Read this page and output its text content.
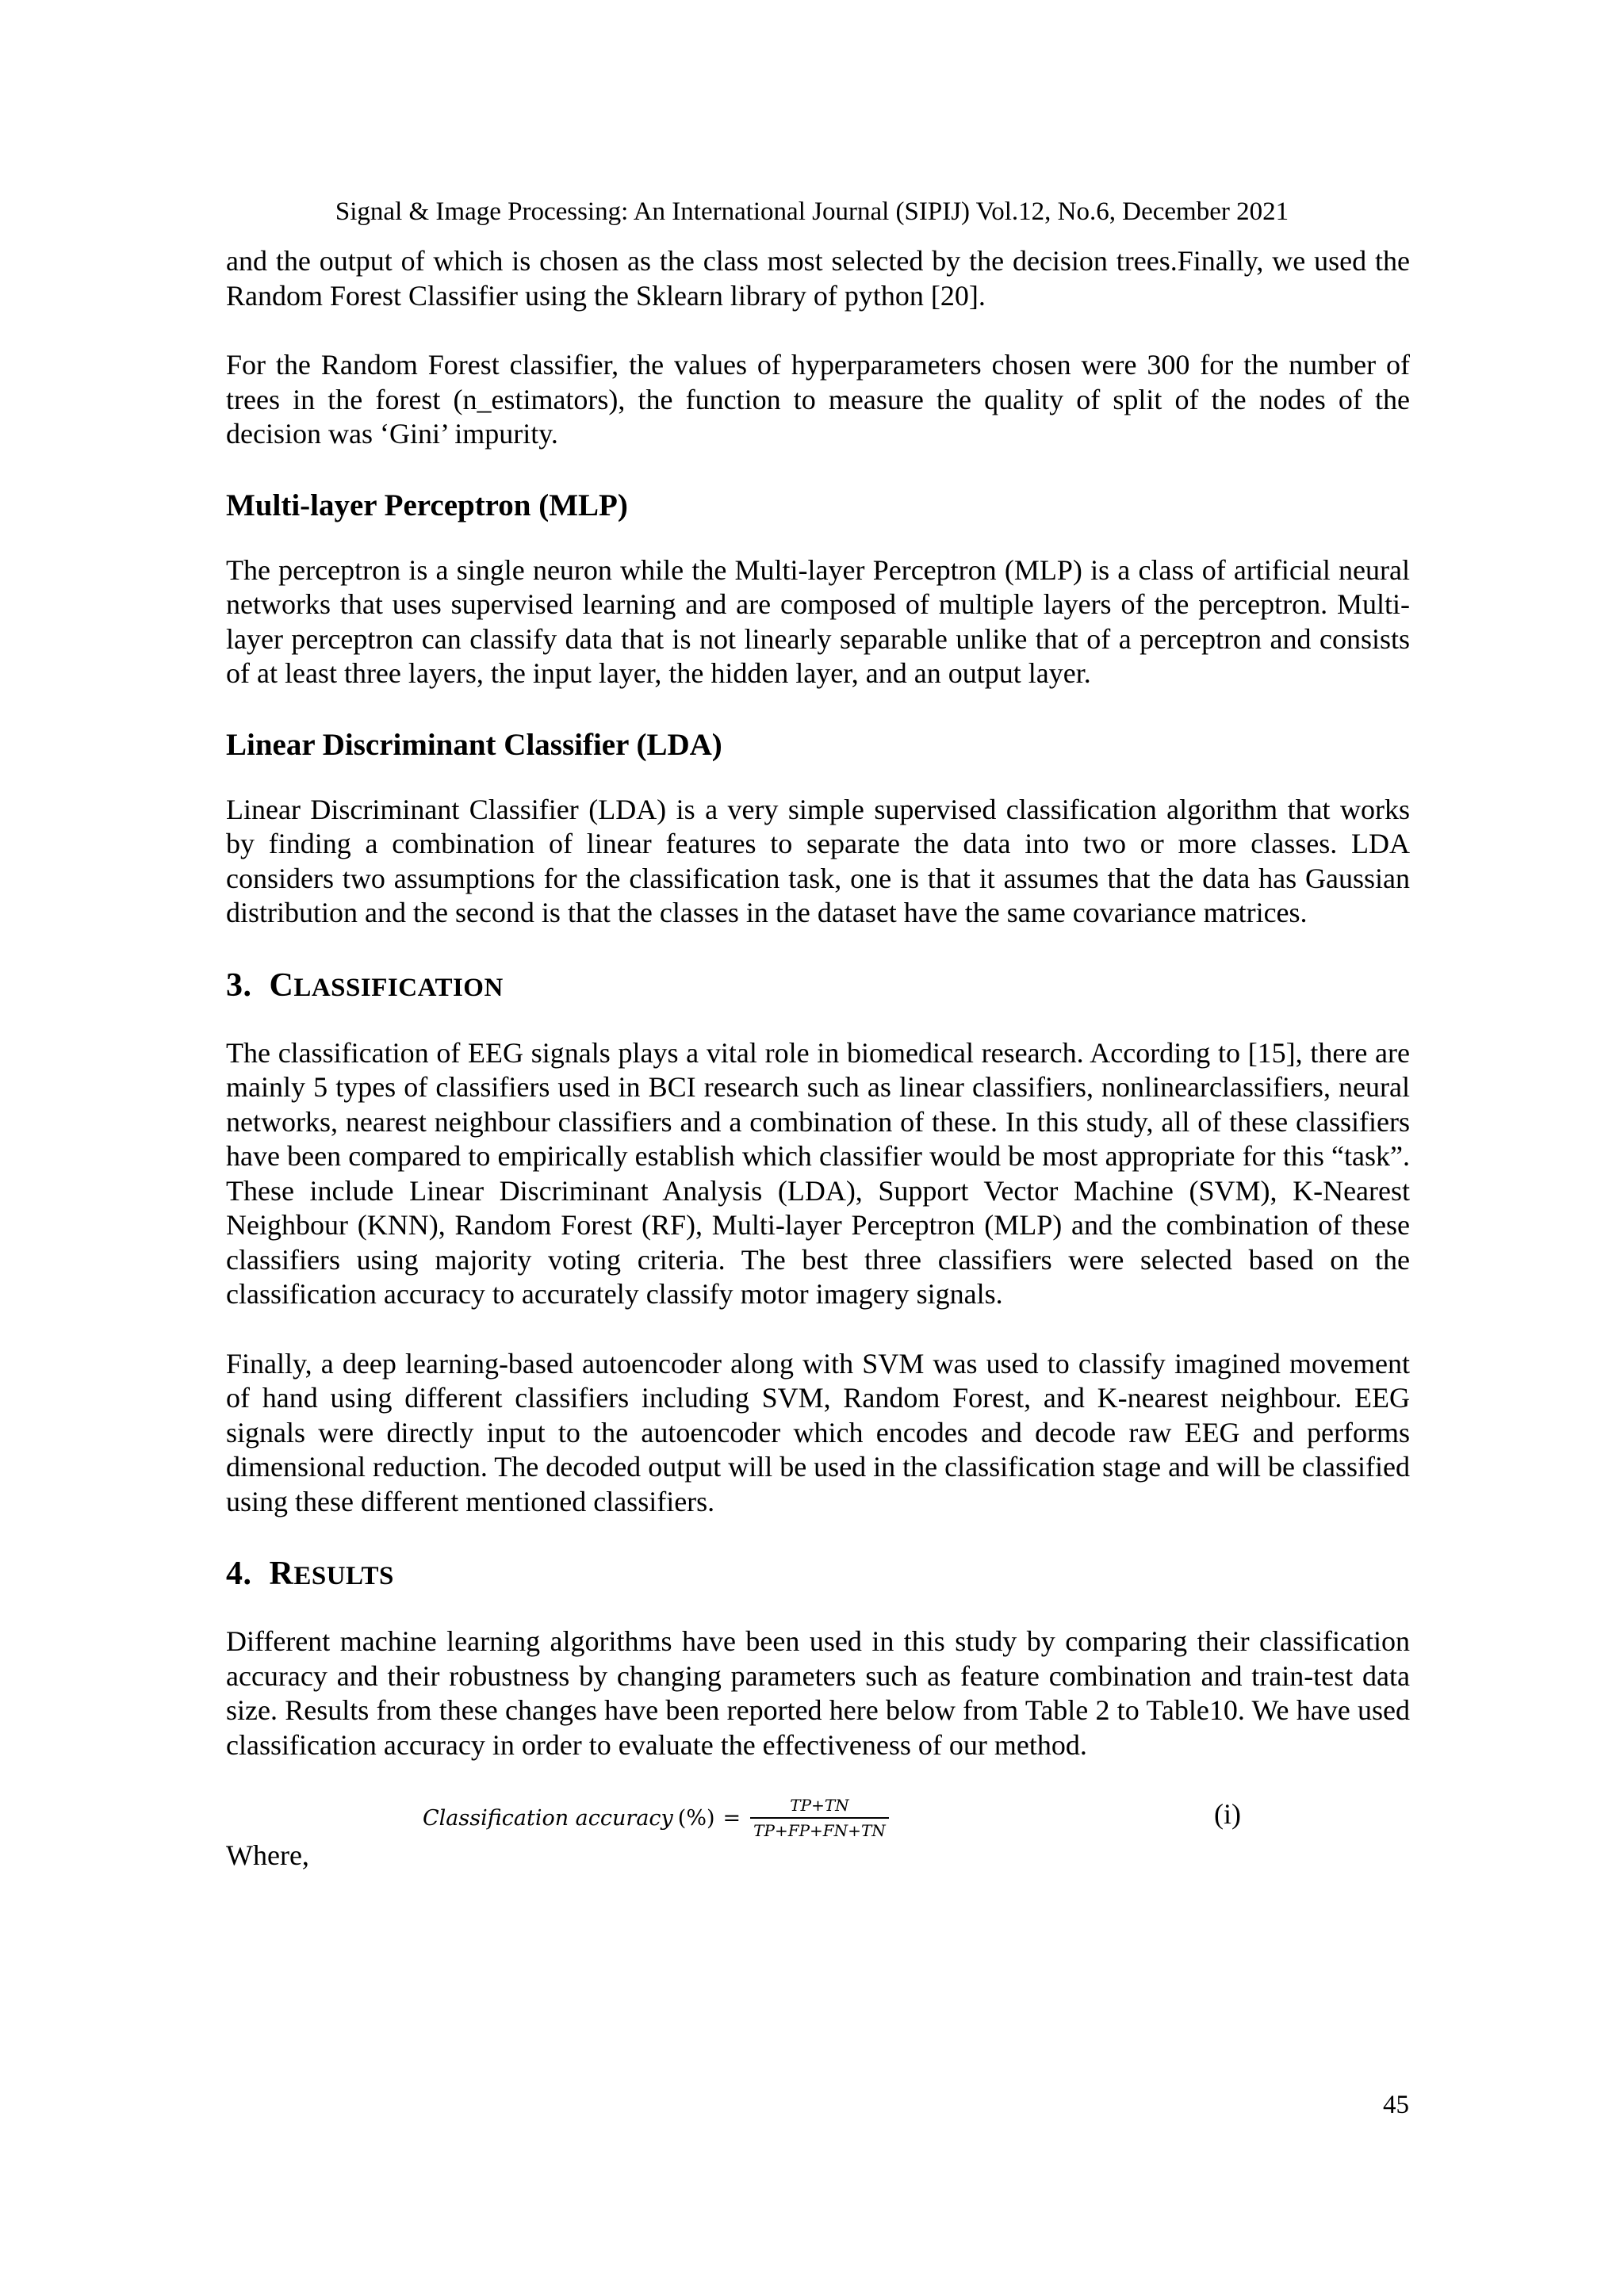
Signal & Image Processing: An International Journal (SIPIJ) Vol.12, No.6, December 2021

and the output of which is chosen as the class most selected by the decision trees.Finally, we used the Random Forest Classifier using the Sklearn library of python [20].

For the Random Forest classifier, the values of hyperparameters chosen were 300 for the number of trees in the forest (n_estimators), the function to measure the quality of split of the nodes of the decision was ‘Gini’ impurity.

Multi-layer Perceptron (MLP)

The perceptron is a single neuron while the Multi-layer Perceptron (MLP) is a class of artificial neural networks that uses supervised learning and are composed of multiple layers of the perceptron. Multi-layer perceptron can classify data that is not linearly separable unlike that of a perceptron and consists of at least three layers, the input layer, the hidden layer, and an output layer.

Linear Discriminant Classifier (LDA)

Linear Discriminant Classifier (LDA) is a very simple supervised classification algorithm that works by finding a combination of linear features to separate the data into two or more classes. LDA considers two assumptions for the classification task, one is that it assumes that the data has Gaussian distribution and the second is that the classes in the dataset have the same covariance matrices.

3. CLASSIFICATION

The classification of EEG signals plays a vital role in biomedical research. According to [15], there are mainly 5 types of classifiers used in BCI research such as linear classifiers, nonlinearclassifiers, neural networks, nearest neighbour classifiers and a combination of these. In this study, all of these classifiers have been compared to empirically establish which classifier would be most appropriate for this “task”. These include Linear Discriminant Analysis (LDA), Support Vector Machine (SVM), K-Nearest Neighbour (KNN), Random Forest (RF), Multi-layer Perceptron (MLP) and the combination of these classifiers using majority voting criteria. The best three classifiers were selected based on the classification accuracy to accurately classify motor imagery signals.

Finally, a deep learning-based autoencoder along with SVM was used to classify imagined movement of hand using different classifiers including SVM, Random Forest, and K-nearest neighbour. EEG signals were directly input to the autoencoder which encodes and decode raw EEG and performs dimensional reduction. The decoded output will be used in the classification stage and will be classified using these different mentioned classifiers.

4. RESULTS

Different machine learning algorithms have been used in this study by comparing their classification accuracy and their robustness by changing parameters such as feature combination and train-test data size. Results from these changes have been reported here below from Table 2 to Table10. We have used classification accuracy in order to evaluate the effectiveness of our method.

Classification accuracy (%) = $\frac{TP+TN}{TP+FP+FN+TN}$	(i)
Where,
45
